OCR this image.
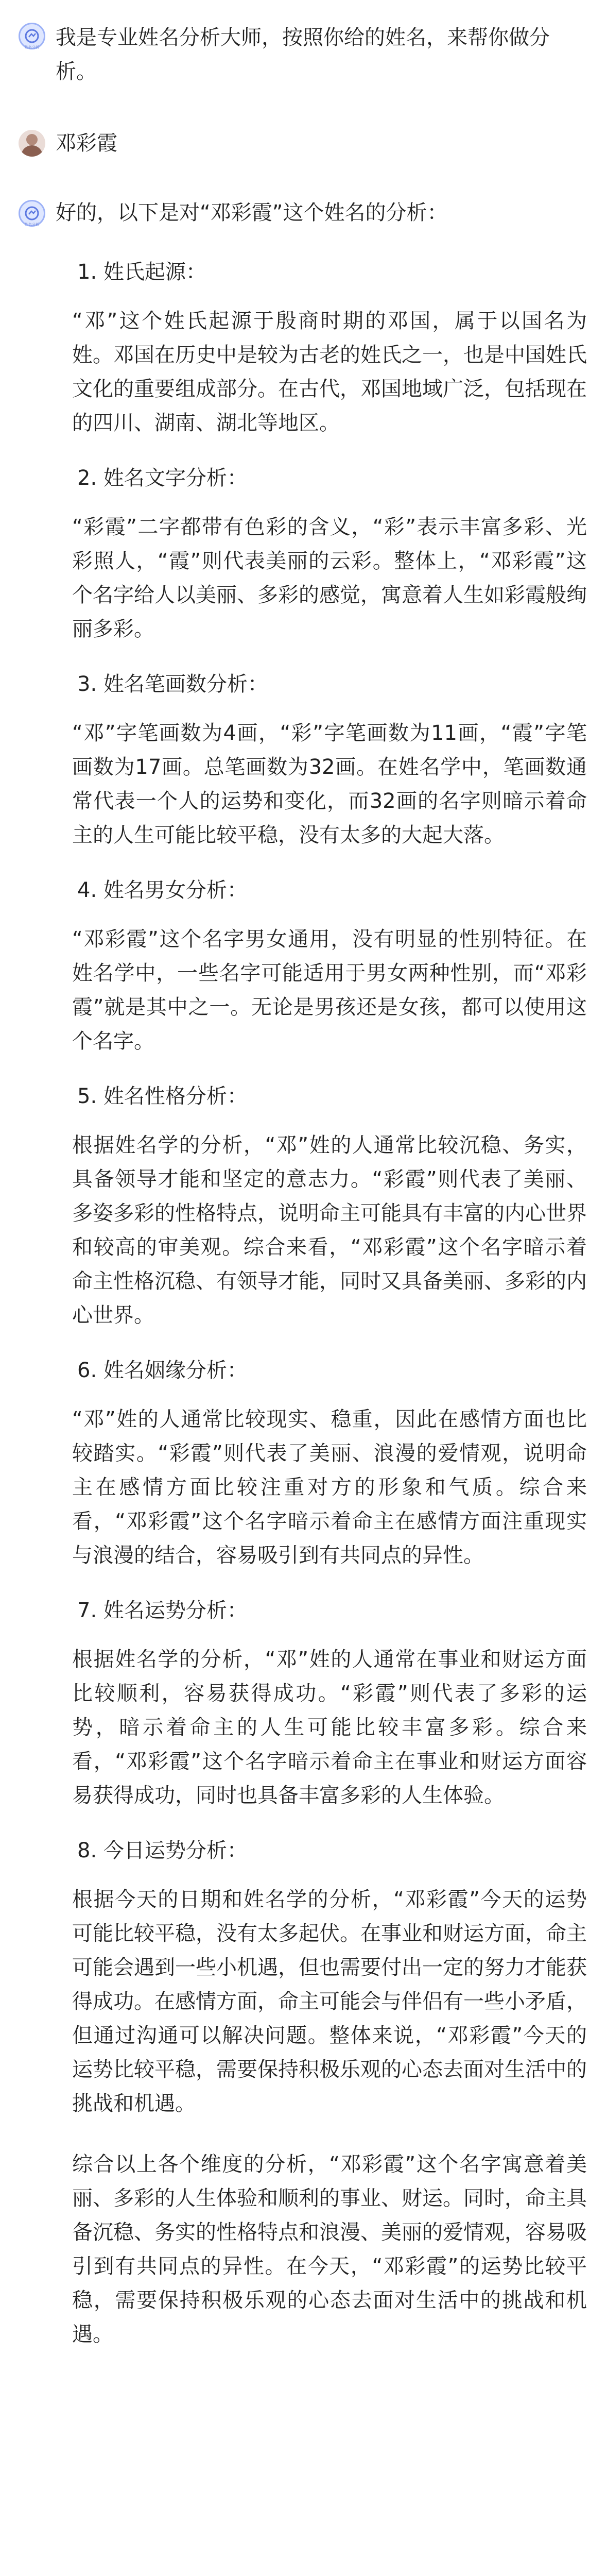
姓名分析 我是专业姓名分析大师，按照你给的姓名，来帮你做分析。
邓彩霞
姓名分析 好的，以下是对“邓彩霞”这个姓名的分析：
1. 姓氏起源：
“邓”这个姓氏起源于殷商时期的邓国，属于以国名为姓。邓国在历史中是较为古老的姓氏之一，也是中国姓氏文化的重要组成部分。在古代，邓国地域广泛，包括现在的四川、湖南、湖北等地区。
2. 姓名文字分析：
“彩霞”二字都带有色彩的含义，“彩”表示丰富多彩、光彩照人，“霞”则代表美丽的云彩。整体上，“邓彩霞”这个名字给人以美丽、多彩的感觉，寓意着人生如彩霞般绚丽多彩。
3. 姓名笔画数分析：
“邓”字笔画数为4画，“彩”字笔画数为11画，“霞”字笔画数为17画。总笔画数为32画。在姓名学中，笔画数通常代表一个人的运势和变化，而32画的名字则暗示着命主的人生可能比较平稳，没有太多的大起大落。
4. 姓名男女分析：
“邓彩霞”这个名字男女通用，没有明显的性别特征。在姓名学中，一些名字可能适用于男女两种性别，而“邓彩霞”就是其中之一。无论是男孩还是女孩，都可以使用这个名字。
5. 姓名性格分析：
根据姓名学的分析，“邓”姓的人通常比较沉稳、务实，具备领导才能和坚定的意志力。“彩霞”则代表了美丽、多姿多彩的性格特点，说明命主可能具有丰富的内心世界和较高的审美观。综合来看，“邓彩霞”这个名字暗示着命主性格沉稳、有领导才能，同时又具备美丽、多彩的内心世界。
6. 姓名姻缘分析：
“邓”姓的人通常比较现实、稳重，因此在感情方面也比较踏实。“彩霞”则代表了美丽、浪漫的爱情观，说明命主在感情方面比较注重对方的形象和气质。综合来看，“邓彩霞”这个名字暗示着命主在感情方面注重现实与浪漫的结合，容易吸引到有共同点的异性。
7. 姓名运势分析：
根据姓名学的分析，“邓”姓的人通常在事业和财运方面比较顺利，容易获得成功。“彩霞”则代表了多彩的运势，暗示着命主的人生可能比较丰富多彩。综合来看，“邓彩霞”这个名字暗示着命主在事业和财运方面容易获得成功，同时也具备丰富多彩的人生体验。
8. 今日运势分析：
根据今天的日期和姓名学的分析，“邓彩霞”今天的运势可能比较平稳，没有太多起伏。在事业和财运方面，命主可能会遇到一些小机遇，但也需要付出一定的努力才能获得成功。在感情方面，命主可能会与伴侣有一些小矛盾，但通过沟通可以解决问题。整体来说，“邓彩霞”今天的运势比较平稳，需要保持积极乐观的心态去面对生活中的挑战和机遇。
综合以上各个维度的分析，“邓彩霞”这个名字寓意着美丽、多彩的人生体验和顺利的事业、财运。同时，命主具备沉稳、务实的性格特点和浪漫、美丽的爱情观，容易吸引到有共同点的异性。在今天，“邓彩霞”的运势比较平稳，需要保持积极乐观的心态去面对生活中的挑战和机遇。
